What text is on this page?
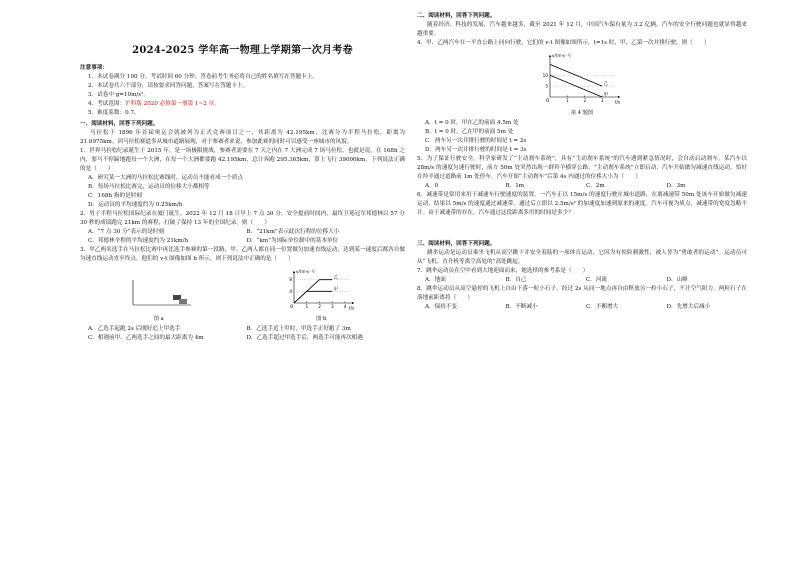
2024-2025 学年高一物理上学期第一次月考卷
注意事项：
1．本试卷满分 100 分，考试时间 60 分钟。答卷前考生务必将自己的姓名填写在答题卡上。
2．本试卷共六个部分，请按要求回答问题，答案写在答题卡上。
3．试卷中 g=10m/s²。
4．考试范围：沪科版 2020 必修第一册第 1~2 章。
5．难度系数：0.7。
一、阅读材料，回答下列问题。
马拉松于 1896 年首届奥运会就被列为正式竞赛项目之一，其距离为 42.195km，比赛分为半程马拉松，距离为 21.0975km。因马拉松赛道多从城市道路展现，对于参赛者来说，参加此赛的同时可以感受一座城市的风貌。
1．世界马拉松纪录诞生于 2015 年，是一场极限挑战，参赛者需要在 7 天之内在 7 大洲完成 7 场马拉松，也就是说，在 168h 之内，要马不停蹄地跑每一个大洲，在每一个大洲都要跑 42.195km，总计奔跑 295.365km，算上飞行 39000km。下列说法正确的是（　　）
A．研究某一大洲的马拉松比赛线时，运动员不能看成一个质点
B．每场马拉松比赛完，运动员的位移大小都相等
C．168h 指的是时刻
D．运动员的平均速度约为 0.25km/h
2．男子半程马拉松国际纪录在厦门诞生。2022 年 12 月 18 日早上 7 点 30 分，安全提前时间内，最终卫冕冠军邦德林以 57 分 30 秒的成绩跑完 21km 的赛程，打破了保持 13 年的全国纪录。则（　　）
A．“7 点 30 分”表示的是时刻	B．“21km”表示此次行程的位移大小
C．邦德林全程的平均速度约为 21km/h	D．“km”为国际单位制中的基本单位
3．甲乙两名选手在马拉松比赛中再比选手参赛的第一段路，甲、乙两人都在同一位置做匀加速直线运动，达到某一速度后都各自做匀速直线运动直至终点，他们的 v-t 图像如图 b 所示，则下列说法中正确的是（　　）
图 a
v/(m·s⁻¹)
t/s
O	1 2 3 4
4
8
甲
乙
图 b
A．乙选手起跑 2s 后刚好追上甲选手	B．乙选手追上甲时，甲选手正好跑了 3m
C．相遇前甲、乙两选手之间的最大距离为 4m	D．乙选手超过甲选手后，两选手可能再次相遇
二、阅读材料，回答下列问题。
随着经济、科技的发展，汽车越来越多，截至 2021 年 12 月，中国汽车保有量为 3.2 亿辆，汽车的安全行驶问题也就显得越来越重要。
4．甲、乙两汽车在一平直公路上同向行驶，它们的 v-t 图像如图所示，t=1s 时，甲、乙第一次并排行驶，则（　　）
v/(m·s⁻¹)
t/s
O	1	2	3
5
10
乙
甲
第 4 题图
A．t = 0 时，甲在乙的前面 4.5m 处
B．t = 0 时，乙在甲的前面 5m 处
C．两车另一次并排行驶的时间是 t = 2s
D．两车另一次并排行驶的时间是 t = 3s
5．为了保证行驶安全，科学家研发了“主动刹车系统”，具有“主动刹车系统”的汽车遇到紧急情况时，会自动启动刹车。某汽车以 28m/s 的速度匀速行驶时，前方 50m 处突然出现一群羚羊横穿公路，“主动刹车系统”立即启动，汽车开始做匀减速直线运动，恰好在羚羊通过道路前 1m 处停车。汽车开始“主动刹车”后第 4s 内通过的位移大小为（　　）
A．0	B．1m	C．2m	D．3m
6．减速带是常用来用于减速车行驶速度的装置。一汽车正以 15m/s 的速度行驶在城市道路，在离减速带 50m 处该车开始做匀减速运动，结果以 5m/s 的速度通过减速带，通过后立即以 2.5m/s² 的加速度加速到原来的速度。汽车可视为质点，减速带的宽度忽略不计。由于减速带的存在，汽车通过这段距离多用的时间是多少？
三、阅读材料，回答下列问题。
跳伞运动是运动员乘坐飞机从高空跳下并安全着陆的一项体育运动，它因为有惊险刺激性，被人誉为“勇敢者的运动”。运动员可从“飞机、直升机等离空高处的”高处跳起。
7．跳伞运动员在空中看到大地迎面而来，她选择的参考系是（　　）
A．地面	B．自己	C．河流	D．山峰
8．跳伞运动员从高空悬停的飞机上自由下落一粒小石子，经过 2s 从同一地点再自由释放另一粒小石子，不计空气阻力，两粒石子在落地前距离将（　　）
A．保持不变	B．不断减小	C．不断增大	D．先增大后减小
